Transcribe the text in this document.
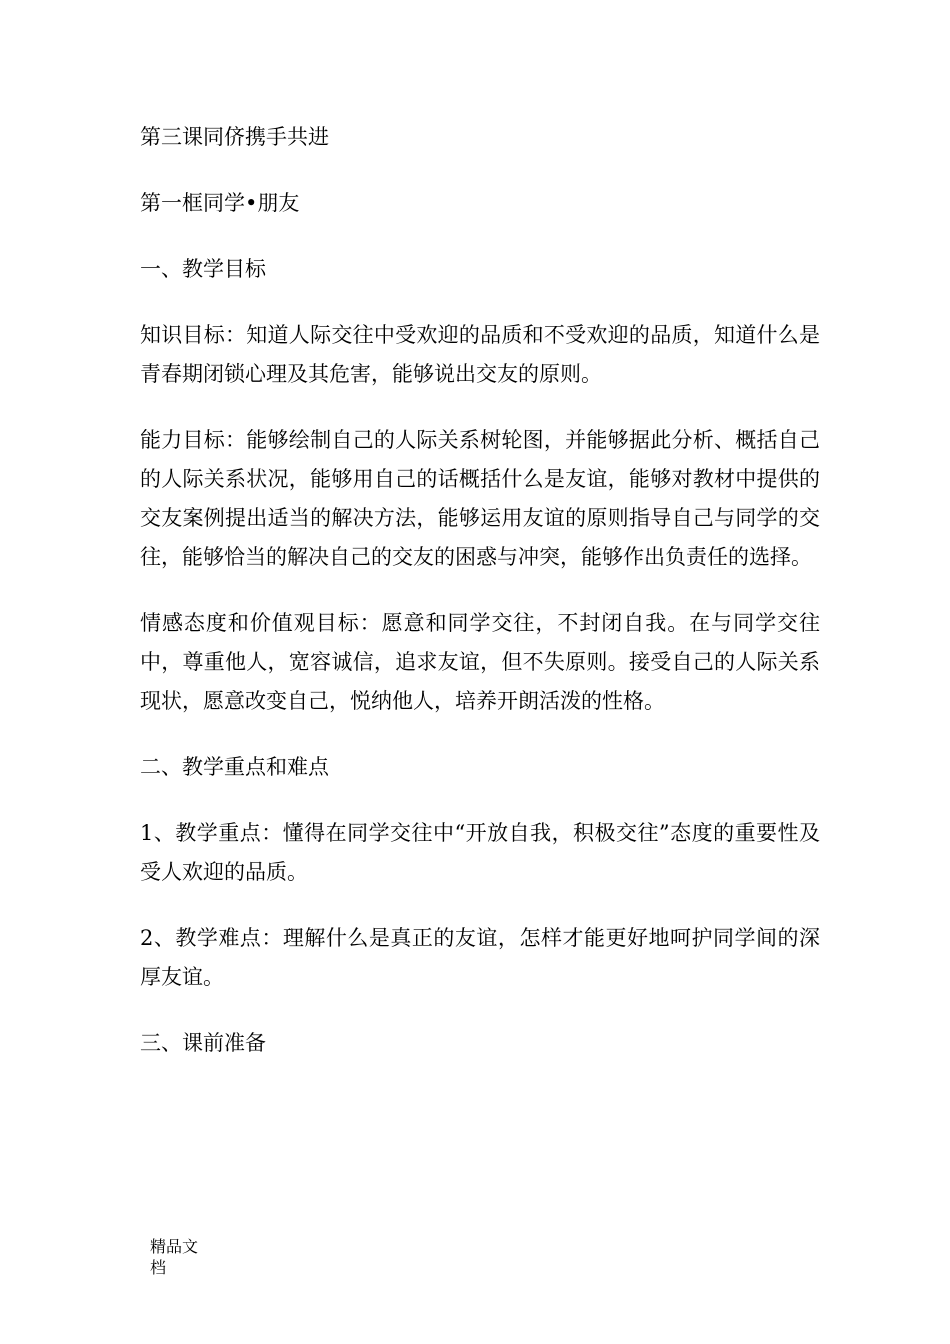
第三课同侪携手共进

第一框同学•朋友

一、教学目标

知识目标：知道人际交往中受欢迎的品质和不受欢迎的品质，知道什么是青春期闭锁心理及其危害，能够说出交友的原则。

能力目标：能够绘制自己的人际关系树轮图，并能够据此分析、概括自己的人际关系状况，能够用自己的话概括什么是友谊，能够对教材中提供的交友案例提出适当的解决方法，能够运用友谊的原则指导自己与同学的交往，能够恰当的解决自己的交友的困惑与冲突，能够作出负责任的选择。

情感态度和价值观目标：愿意和同学交往，不封闭自我。在与同学交往中，尊重他人，宽容诚信，追求友谊，但不失原则。接受自己的人际关系现状，愿意改变自己，悦纳他人，培养开朗活泼的性格。

二、教学重点和难点

1、教学重点：懂得在同学交往中“开放自我，积极交往”态度的重要性及受人欢迎的品质。

2、教学难点：理解什么是真正的友谊，怎样才能更好地呵护同学间的深厚友谊。

三、课前准备

精品文档
